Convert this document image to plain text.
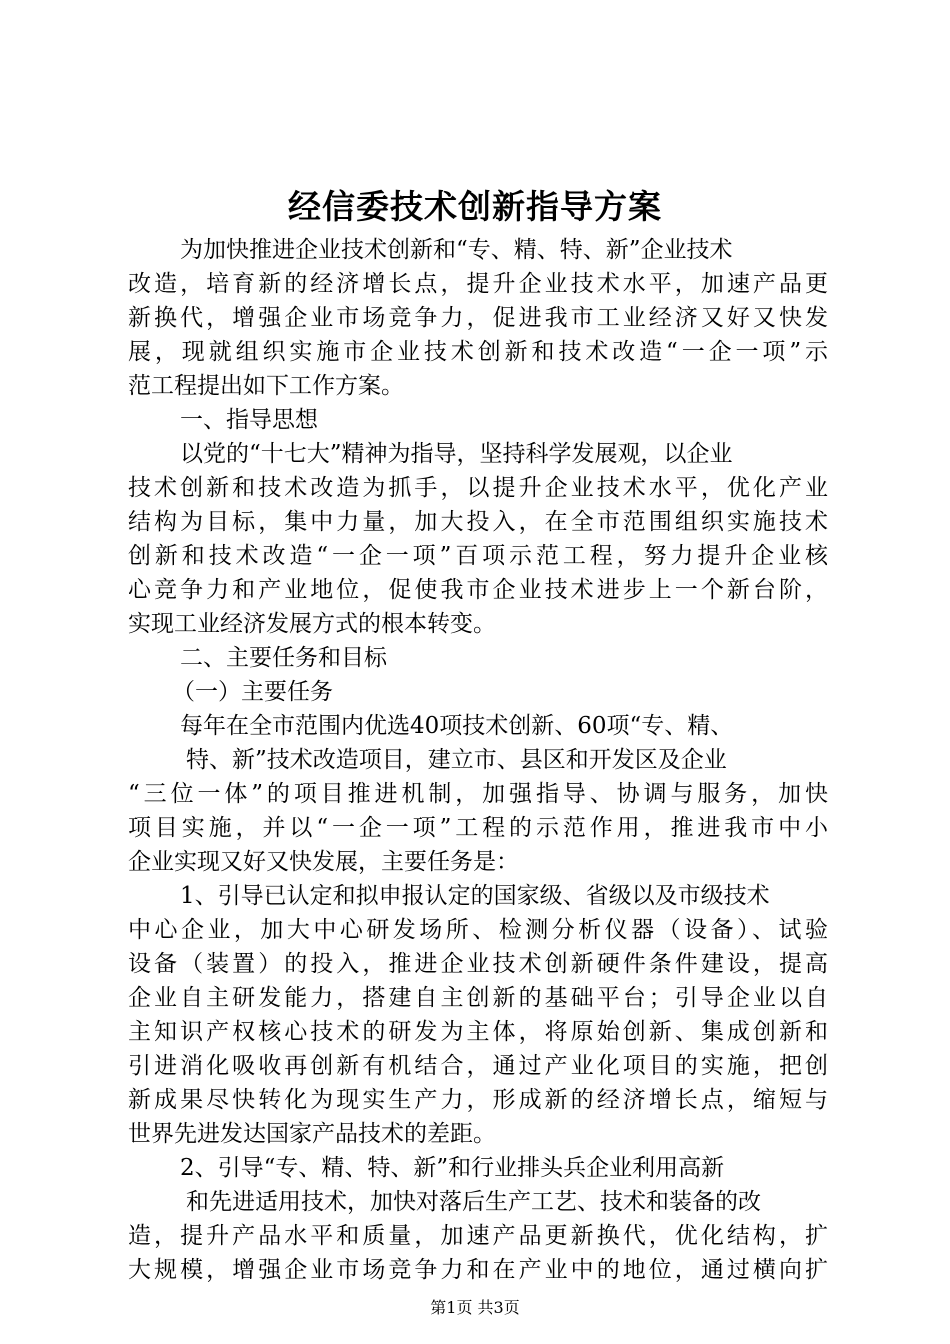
经信委技术创新指导方案
为加快推进企业技术创新和“专、精、特、新”企业技术
改造，培育新的经济增长点，提升企业技术水平，加速产品更
新换代，增强企业市场竞争力，促进我市工业经济又好又快发
展，现就组织实施市企业技术创新和技术改造“一企一项”示
范工程提出如下工作方案。
一、指导思想
以党的“十七大”精神为指导，坚持科学发展观，以企业
技术创新和技术改造为抓手，以提升企业技术水平，优化产业
结构为目标，集中力量，加大投入，在全市范围组织实施技术
创新和技术改造“一企一项”百项示范工程，努力提升企业核
心竞争力和产业地位，促使我市企业技术进步上一个新台阶，
实现工业经济发展方式的根本转变。
二、主要任务和目标
（一）主要任务
每年在全市范围内优选40项技术创新、60项“专、精、
特、新”技术改造项目，建立市、县区和开发区及企业
“三位一体”的项目推进机制，加强指导、协调与服务，加快
项目实施，并以“一企一项”工程的示范作用，推进我市中小
企业实现又好又快发展，主要任务是：
1、引导已认定和拟申报认定的国家级、省级以及市级技术
中心企业，加大中心研发场所、检测分析仪器（设备）、试验
设备（装置）的投入，推进企业技术创新硬件条件建设，提高
企业自主研发能力，搭建自主创新的基础平台；引导企业以自
主知识产权核心技术的研发为主体，将原始创新、集成创新和
引进消化吸收再创新有机结合，通过产业化项目的实施，把创
新成果尽快转化为现实生产力，形成新的经济增长点，缩短与
世界先进发达国家产品技术的差距。
2、引导“专、精、特、新”和行业排头兵企业利用高新
和先进适用技术，加快对落后生产工艺、技术和装备的改
造，提升产品水平和质量，加速产品更新换代，优化结构，扩
大规模，增强企业市场竞争力和在产业中的地位，通过横向扩
第1页 共3页
